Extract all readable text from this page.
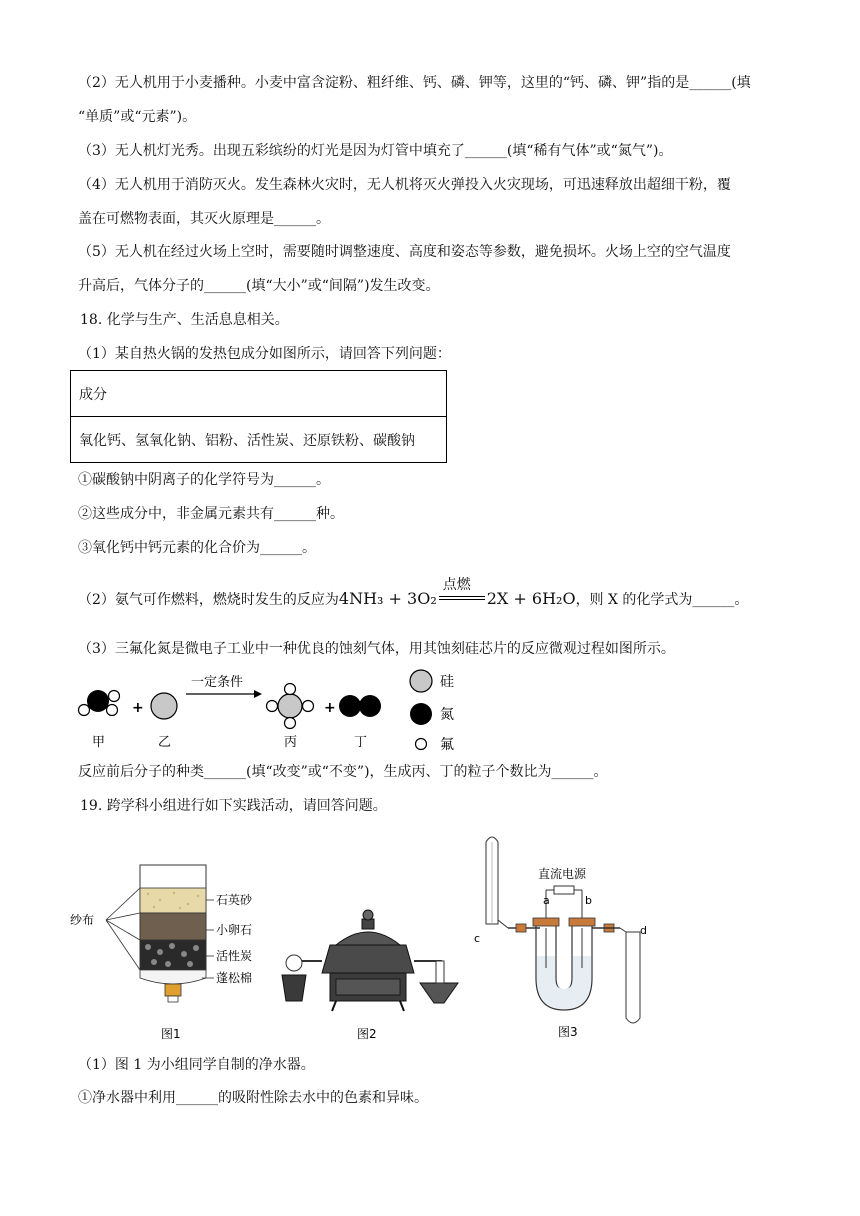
（2）无人机用于小麦播种。小麦中富含淀粉、粗纤维、钙、磷、钾等，这里的“钙、磷、钾”指的是______(填
“单质”或“元素”)。
（3）无人机灯光秀。出现五彩缤纷的灯光是因为灯管中填充了______(填“稀有气体”或“氮气”)。
（4）无人机用于消防灭火。发生森林火灾时，无人机将灭火弹投入火灾现场，可迅速释放出超细干粉，覆
盖在可燃物表面，其灭火原理是______。
（5）无人机在经过火场上空时，需要随时调整速度、高度和姿态等参数，避免损坏。火场上空的空气温度
升高后，气体分子的______(填“大小”或“间隔”)发生改变。
18. 化学与生产、生活息息相关。
（1）某自热火锅的发热包成分如图所示，请回答下列问题：
成分
氧化钙、氢氧化钠、铝粉、活性炭、还原铁粉、碳酸钠
①碳酸钠中阴离子的化学符号为______。
②这些成分中，非金属元素共有______种。
③氧化钙中钙元素的化合价为______。
（2）氨气可作燃料，燃烧时发生的反应为4NH₃ + 3O₂
点燃
2X + 6H₂O，则 X 的化学式为______。
（3）三氟化氮是微电子工业中一种优良的蚀刻气体，用其蚀刻硅芯片的反应微观过程如图所示。
+
一定条件
+
甲	乙	丙	丁
硅
氮
氟
反应前后分子的种类______(填“改变”或“不变”)，生成丙、丁的粒子个数比为______。
19. 跨学科小组进行如下实践活动，请回答问题。
纱布
石英砂
小卵石
活性炭
蓬松棉
图1	图2
直流电源
a	b
c
d
图3
（1）图 1 为小组同学自制的净水器。
①净水器中利用______的吸附性除去水中的色素和异味。
